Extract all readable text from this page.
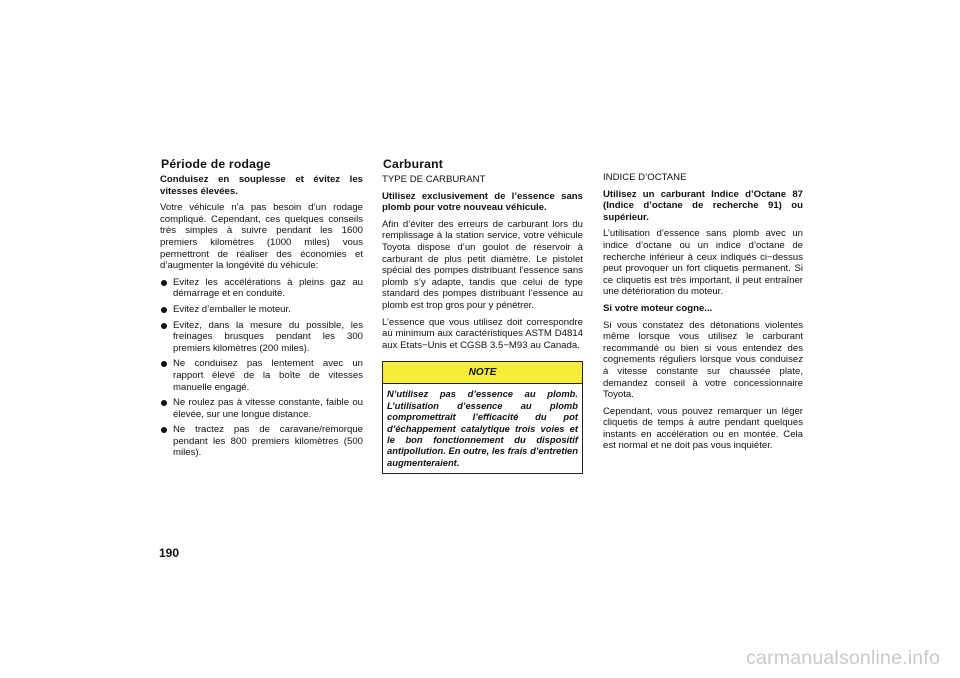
Période de rodage

Conduisez en souplesse et évitez les vitesses élevées.

Votre véhicule n’a pas besoin d’un rodage compliqué. Cependant, ces quelques conseils très simples à suivre pendant les 1600 premiers kilomètres (1000 miles) vous permettront de réaliser des économies et d’augmenter la longévité du véhicule:

Evitez les accélérations à pleins gaz au démarrage et en conduite.
Evitez d’emballer le moteur.
Evitez, dans la mesure du possible, les freinages brusques pendant les 300 premiers kilomètres (200 miles).
Ne conduisez pas lentement avec un rapport élevé de la boîte de vitesses manuelle engagé.
Ne roulez pas à vitesse constante, faible ou élevée, sur une longue distance.
Ne tractez pas de caravane/remorque pendant les 800 premiers kilomètres (500 miles).
Carburant

TYPE DE CARBURANT

Utilisez exclusivement de l’essence sans plomb pour votre nouveau véhicule.

Afin d’éviter des erreurs de carburant lors du remplissage à la station service, votre véhicule Toyota dispose d’un goulot de réservoir à carburant de plus petit diamètre. Le pistolet spécial des pompes distribuant l’essence sans plomb s’y adapte, tandis que celui de type standard des pompes distribuant l’essence au plomb est trop gros pour y pénétrer.

L’essence que vous utilisez doit correspondre au minimum aux caractéristiques ASTM D4814 aux Etats−Unis et CGSB 3.5−M93 au Canada.

NOTE
N’utilisez pas d’essence au plomb. L’utilisation d’essence au plomb compromettrait l’efficacité du pot d’échappement catalytique trois voies et le bon fonctionnement du dispositif antipollution. En outre, les frais d’entretien augmenteraient.

INDICE D’OCTANE

Utilisez un carburant Indice d’Octane 87 (Indice d’octane de recherche 91) ou supérieur.

L’utilisation d’essence sans plomb avec un indice d’octane ou un indice d’octane de recherche inférieur à ceux indiqués ci−dessus peut provoquer un fort cliquetis permanent. Si ce cliquetis est très important, il peut entraîner une détérioration du moteur.

Si votre moteur cogne...

Si vous constatez des détonations violentes même lorsque vous utilisez le carburant recommandé ou bien si vous entendez des cognements réguliers lorsque vous conduisez à vitesse constante sur chaussée plate, demandez conseil à votre concessionnaire Toyota.

Cependant, vous pouvez remarquer un léger cliquetis de temps à autre pendant quelques instants en accélération ou en montée. Cela est normal et ne doit pas vous inquiéter.

190
carmanualsonline.info
